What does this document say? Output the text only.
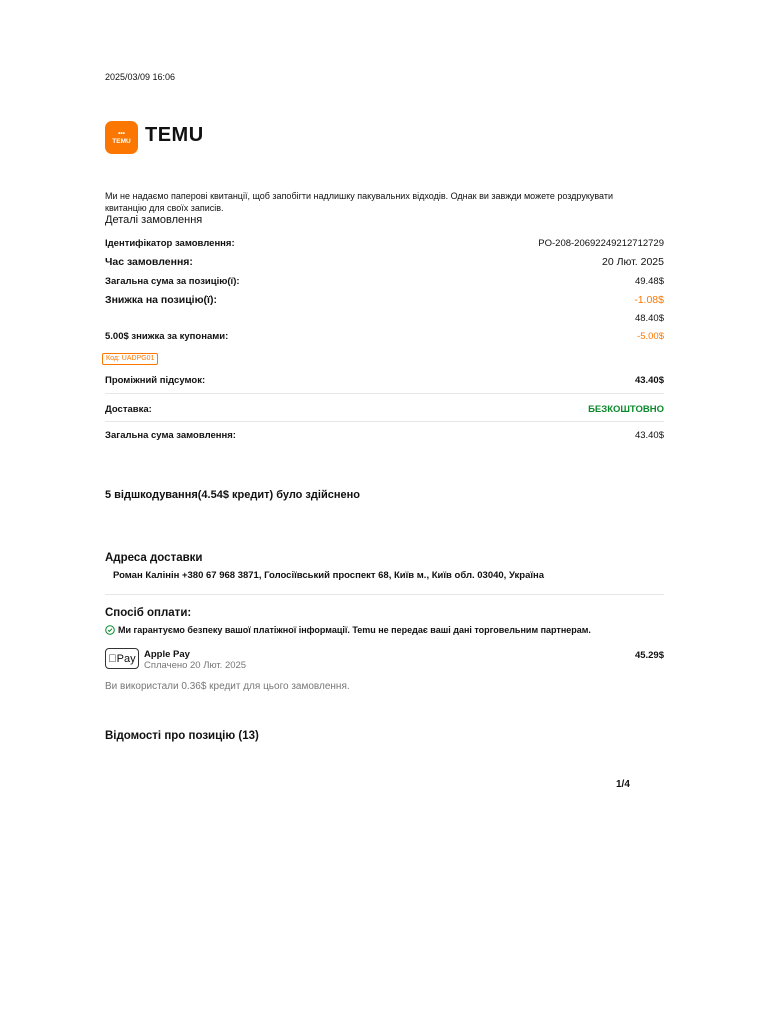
2025/03/09 16:06
•••
TEMU TEMU
Ми не надаємо паперові квитанції, щоб запобігти надлишку пакувальних відходів. Однак ви завжди можете роздрукувати квитанцію для своїх записів.
Деталі замовлення
Ідентифікатор замовлення:	PO-208-20692249212712729
Час замовлення:	20 Лют. 2025
Загальна сума за позицію(ї):	49.48$
Знижка на позицію(ї):	-1.08$
48.40$
5.00$ знижка за купонами:	-5.00$
Код: UADPG01
Проміжний підсумок:	43.40$
Доставка:	БЕЗКОШТОВНО
Загальна сума замовлення:	43.40$
5 відшкодування(4.54$ кредит) було здійснено
Адреса доставки
Роман Калінін +380 67 968 3871, Голосіївський проспект 68, Київ м., Київ обл. 03040, Україна
Спосіб оплати:
Ми гарантуємо безпеку вашої платіжної інформації. Temu не передає ваші дані торговельним партнерам.
Pay	Apple Pay
Сплачено 20 Лют. 2025
45.29$
Ви використали 0.36$ кредит для цього замовлення.
Відомості про позицію (13)
1/4
